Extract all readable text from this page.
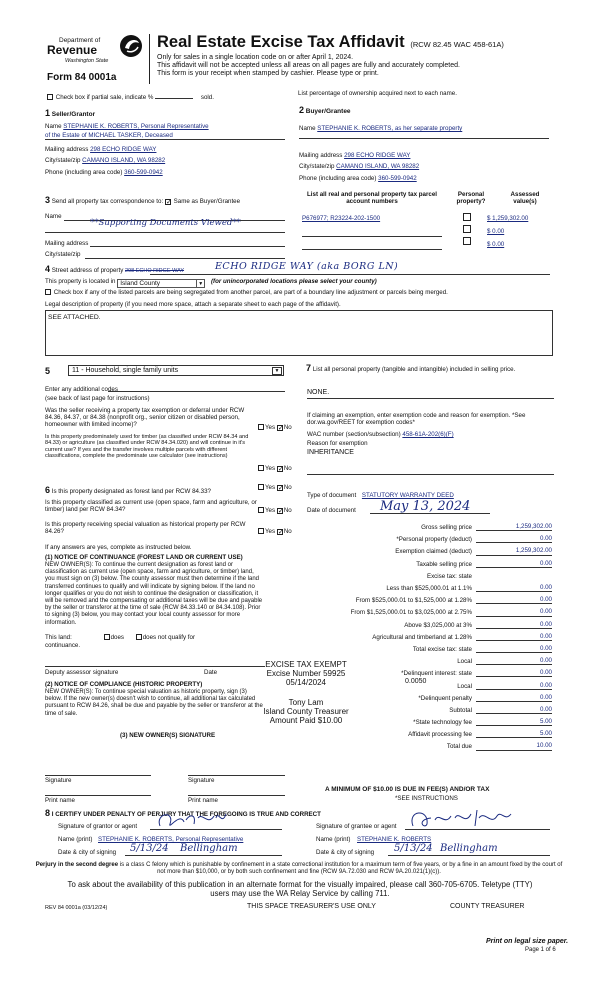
Department of
Revenue
Washington State
Form 84 0001a
Real Estate Excise Tax Affidavit (RCW 82.45 WAC 458-61A)
Only for sales in a single location code on or after April 1, 2024.
This affidavit will not be accepted unless all areas on all pages are fully and accurately completed.
This form is your receipt when stamped by cashier. Please type or print.
Check box if partial sale, indicate %	sold.
List percentage of ownership acquired next to each name.
1 Seller/Grantor
Name STEPHANIE K. ROBERTS, Personal Representative
of the Estate of MICHAEL TASKER, Deceased
Mailing address 298 ECHO RIDGE WAY
City/state/zip CAMANO ISLAND, WA 98282
Phone (including area code) 360-599-0942
2 Buyer/Grantee
Name STEPHANIE K. ROBERTS, as her separate property
Mailing address 298 ECHO RIDGE WAY
City/state/zip CAMANO ISLAND, WA 98282
Phone (including area code) 360-599-0942
3 Send all property tax correspondence to: ✓ Same as Buyer/Grantee
Name
**Supporting Documents Viewed**
Mailing address
City/state/zip
List all real and personal property tax parcel account numbers
Personal property?
Assessed value(s)
P676977; R23224-202-1500	$ 1,259,302.00
$ 0.00
$ 0.00
4 Street address of property 298 ECHO RIDGE WAY	ECHO RIDGE WAY (aka BORG LN)
This property is located in Island County	▼ (for unincorporated locations please select your county)
Check box if any of the listed parcels are being segregated from another parcel, are part of a boundary line adjustment or parcels being merged.
Legal description of property (if you need more space, attach a separate sheet to each page of the affidavit).
SEE ATTACHED.
5	11 - Household, single family units	▼
Enter any additional codes
(see back of last page for instructions)
Was the seller receiving a property tax exemption or deferral under RCW 84.36, 84.37, or 84.38 (nonprofit org., senior citizen or disabled person, homeowner with limited income)?	Yes ✓ No
Is this property predominately used for timber (as classified under RCW 84.34 and 84.33) or agriculture (as classified under RCW 84.34.020) and will continue in it's current use? If yes and the transfer involves multiple parcels with different classifications, complete the predominate use calculator (see instructions)
Yes ✓ No
6 Is this property designated as forest land per RCW 84.33?
Yes ✓ No
Is this property classified as current use (open space, farm and agriculture, or timber) land per RCW 84.34?	Yes ✓ No
Is this property receiving special valuation as historical property per RCW 84.26?	Yes ✓ No
If any answers are yes, complete as instructed below.
(1) NOTICE OF CONTINUANCE (FOREST LAND OR CURRENT USE)
NEW OWNER(S): To continue the current designation as forest land or classification as current use (open space, farm and agriculture, or timber) land, you must sign on (3) below. The county assessor must then determine if the land transferred continues to qualify and will indicate by signing below. If the land no longer qualifies or you do not wish to continue the designation or classification, it will be removed and the compensating or additional taxes will be due and payable by the seller or transferor at the time of sale (RCW 84.33.140 or 84.34.108). Prior to signing (3) below, you may contact your local county assessor for more information.
This land:	does	does not qualify for
continuance.
Deputy assessor signature	Date
(2) NOTICE OF COMPLIANCE (HISTORIC PROPERTY)
NEW OWNER(S): To continue special valuation as historic property, sign (3) below. If the new owner(s) doesn't wish to continue, all additional tax calculated pursuant to RCW 84.26, shall be due and payable by the seller or transferor at the time of sale.
(3) NEW OWNER(S) SIGNATURE
Signature	Signature
Print name	Print name
EXCISE TAX EXEMPT
Excise Number 59925
05/14/2024
Tony Lam
Island County Treasurer
Amount Paid $10.00
7 List all personal property (tangible and intangible) included in selling price.
NONE.
If claiming an exemption, enter exemption code and reason for exemption. *See dor.wa.gov/REET for exemption codes*
WAC number (section/subsection) 458-61A-202(6)(F)
Reason for exemption
INHERITANCE
Type of document STATUTORY WARRANTY DEED
Date of document May 13, 2024
Gross selling price	1,259,302.00
*Personal property (deduct)	0.00
Exemption claimed (deduct)	1,259,302.00
Taxable selling price	0.00
Excise tax: state
Less than $525,000.01 at 1.1%	0.00
From $525,000.01 to $1,525,000 at 1.28%	0.00
From $1,525,000.01 to $3,025,000 at 2.75%	0.00
Above $3,025,000 at 3%	0.00
Agricultural and timberland at 1.28%	0.00
Total excise tax: state	0.00
Local	0.00
*Delinquent interest: state	0.00
Local	0.00
*Delinquent penalty	0.00
Subtotal	0.00
*State technology fee	5.00
Affidavit processing fee	5.00
Total due	10.00
0.0050
A MINIMUM OF $10.00 IS DUE IN FEE(S) AND/OR TAX
*SEE INSTRUCTIONS
8 I CERTIFY UNDER PENALTY OF PERJURY THAT THE FOREGOING IS TRUE AND CORRECT
Signature of grantor or agent
Name (print) STEPHANIE K. ROBERTS, Personal Representative
Date & city of signing 5/13/24 Bellingham
Signature of grantee or agent
Name (print) STEPHANIE K. ROBERTS
Date & city of signing 5/13/24 Bellingham
Perjury in the second degree is a class C felony which is punishable by confinement in a state correctional institution for a maximum term of five years, or by a fine in an amount fixed by the court of not more than $10,000, or by both such confinement and fine (RCW 9A.72.030 and RCW 9A.20.021(1)(c)).
To ask about the availability of this publication in an alternate format for the visually impaired, please call 360-705-6705. Teletype (TTY) users may use the WA Relay Service by calling 711.
REV 84 0001a (03/12/24)	THIS SPACE TREASURER'S USE ONLY	COUNTY TREASURER
Print on legal size paper.
Page 1 of 6
